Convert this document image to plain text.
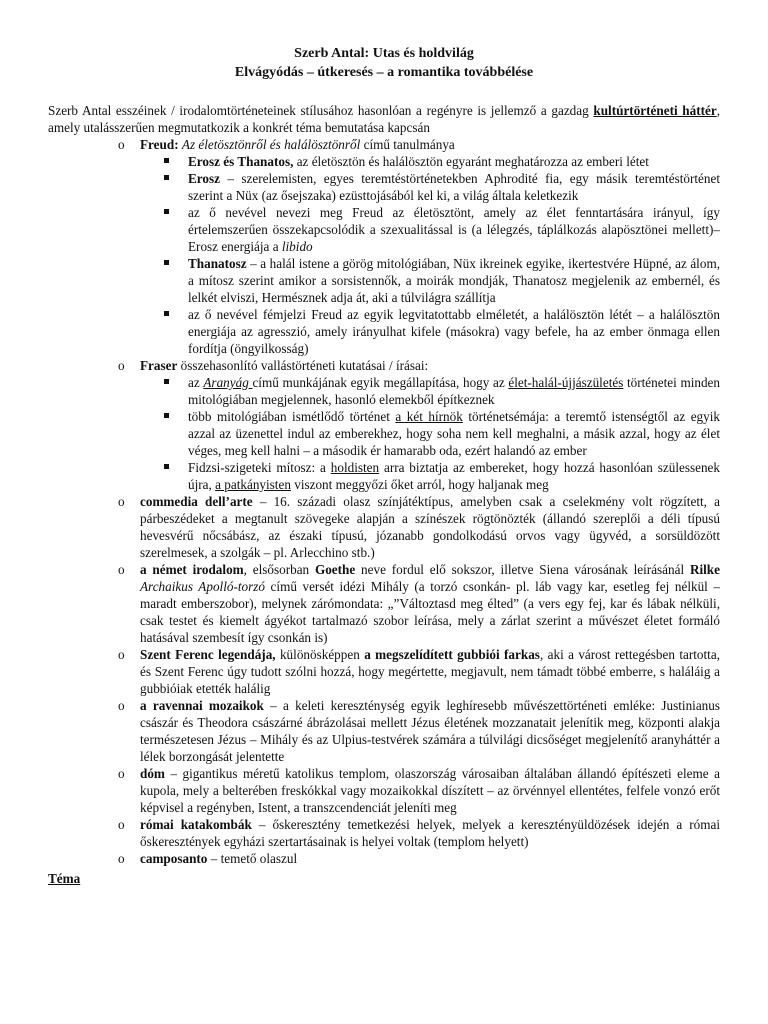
Szerb Antal: Utas és holdvilág
Elvágyódás – útkeresés – a romantika továbbélése
Szerb Antal esszéinek / irodalomtörténeteinek stílusához hasonlóan a regényre is jellemző a gazdag kultúrtörténeti háttér, amely utalásszerűen megmutatkozik a konkrét téma bemutatása kapcsán
o Freud: Az életösztönről és halálösztönről című tanulmánya
Erosz és Thanatos, az életösztön és halálösztön egyaránt meghatározza az emberi létet
Erosz – szerelemisten, egyes teremtéstörténetekben Aphrodité fia, egy másik teremtéstörténet szerint a Nüx (az ősejszaka) ezüsttojásából kel ki, a világ általa keletkezik
az ő nevével nevezi meg Freud az életösztönt, amely az élet fenntartására irányul, így értelemszerűen összekapcsolódik a szexualitással is (a lélegzés, táplálkozás alapösztönei mellett)– Erosz energiája a libido
Thanatosz – a halál istene a görög mitológiában, Nüx ikreinek egyike, ikertestvére Hüpné, az álom, a mítosz szerint amikor a sorsistennők, a moirák mondják, Thanatosz megjelenik az embernél, és lelkét elviszi, Hermésznek adja át, aki a túlvilágra szállítja
az ő nevével fémjelzi Freud az egyik legvitatottabb elméletét, a halálösztön létét – a halálösztön energiája az agresszió, amely irányulhat kifele (másokra) vagy befele, ha az ember önmaga ellen fordítja (öngyilkosság)
o Fraser összehasonlító vallástörténeti kutatásai / írásai:
az Aranyág című munkájának egyik megállapítása, hogy az élet-halál-újjászületés történetei minden mitológiában megjelennek, hasonló elemekből építkeznek
több mitológiában ismétlődő történet a két hírnök történetsémája: a teremtő istenségtől az egyik azzal az üzenettel indul az emberekhez, hogy soha nem kell meghalni, a másik azzal, hogy az élet véges, meg kell halni – a második ér hamarabb oda, ezért halandó az ember
Fidzsi-szigeteki mítosz: a holdisten arra biztatja az embereket, hogy hozzá hasonlóan szülessenek újra, a patkányisten viszont meggyőzi őket arról, hogy haljanak meg
o commedia dell’arte – 16. századi olasz színjátéktípus, amelyben csak a cselekmény volt rögzített, a párbeszédeket a megtanult szövegeke alapján a színészek rögtönözték (állandó szereplői a déli típusú hevesvérű nőcsábász, az északi típusú, józanabb gondolkodású orvos vagy ügyvéd, a sorsüldözött szerelmesek, a szolgák – pl. Arlecchino stb.)
o a német irodalom, elsősorban Goethe neve fordul elő sokszor, illetve Siena városának leírásánál Rilke Archaikus Apolló-torzó című versét idézi Mihály (a torzó csonkán- pl. láb vagy kar, esetleg fej nélkül – maradt emberszobor), melynek zárómondata: „”Változtasd meg élted” (a vers egy fej, kar és lábak nélküli, csak testet és kiemelt ágyékot tartalmazó szobor leírása, mely a zárlat szerint a művészet életet formáló hatásával szembesít így csonkán is)
o Szent Ferenc legendája, különösképpen a megszelídített gubbiói farkas, aki a várost rettegésben tartotta, és Szent Ferenc úgy tudott szólni hozzá, hogy megértette, megjavult, nem támadt többé emberre, s haláláig a gubbióiak etették halálig
o a ravennai mozaikok – a keleti kereszténység egyik leghíresebb művészettörténeti emléke: Justinianus császár és Theodora császárné ábrázolásai mellett Jézus életének mozzanatait jelenítik meg, központi alakja természetesen Jézus – Mihály és az Ulpius-testvérek számára a túlvilági dicsőséget megjelenítő aranyháttér a lélek borzongását jelentette
o dóm – gigantikus méretű katolikus templom, olaszország városaiban általában állandó építészeti eleme a kupola, mely a belterében freskókkal vagy mozaikokkal díszített – az örvénnyel ellentétes, felfele vonzó erőt képvisel a regényben, Istent, a transzcendenciát jeleníti meg
o római katakombák – őskeresztény temetkezési helyek, melyek a keresztényüldözések idején a római őskeresztények egyházi szertartásainak is helyei voltak (templom helyett)
o camposanto – temető olaszul
Téma
